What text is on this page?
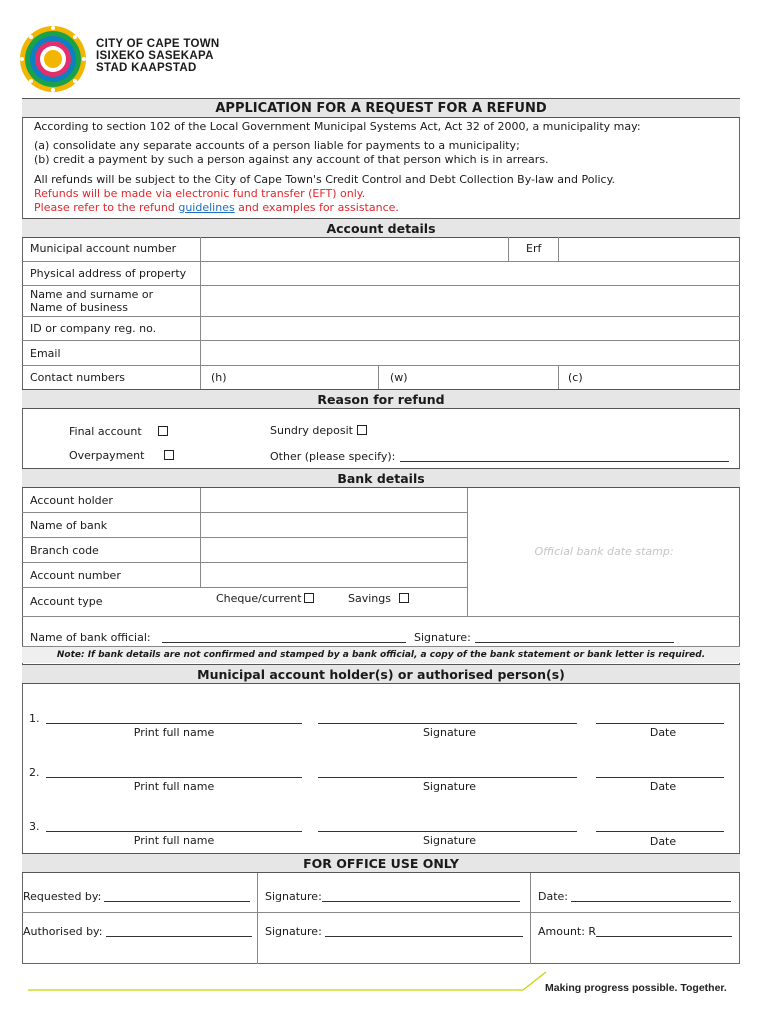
CITY OF CAPE TOWN
ISIXEKO SASEKAPA
STAD KAAPSTAD
APPLICATION FOR A REQUEST FOR A REFUND
According to section 102 of the Local Government Municipal Systems Act, Act 32 of 2000, a municipality may:
(a) consolidate any separate accounts of a person liable for payments to a municipality;
(b) credit a payment by such a person against any account of that person which is in arrears.
All refunds will be subject to the City of Cape Town's Credit Control and Debt Collection By-law and Policy.
Refunds will be made via electronic fund transfer (EFT) only.
Please refer to the refund guidelines and examples for assistance.
Account details
Municipal account number	Erf
Physical address of property
Name and surname or
Name of business
ID or company reg. no.
Email
Contact numbers	(h)	(w)	(c)
Reason for refund
Final account	Sundry deposit
Overpayment	Other (please specify):
Bank details
Account holder
Name of bank
Branch code
Account number
Account type	Cheque/current	Savings
Official bank date stamp:
Name of bank official:	Signature:
Note: If bank details are not confirmed and stamped by a bank official, a copy of the bank statement or bank letter is required.
Municipal account holder(s) or authorised person(s)
1.
Print full name	Signature	Date
2.
Print full name	Signature	Date
3.
Print full name	Signature	Date
FOR OFFICE USE ONLY
Requested by:	Signature:	Date:
Authorised by:	Signature:	Amount: R
Making progress possible. Together.
